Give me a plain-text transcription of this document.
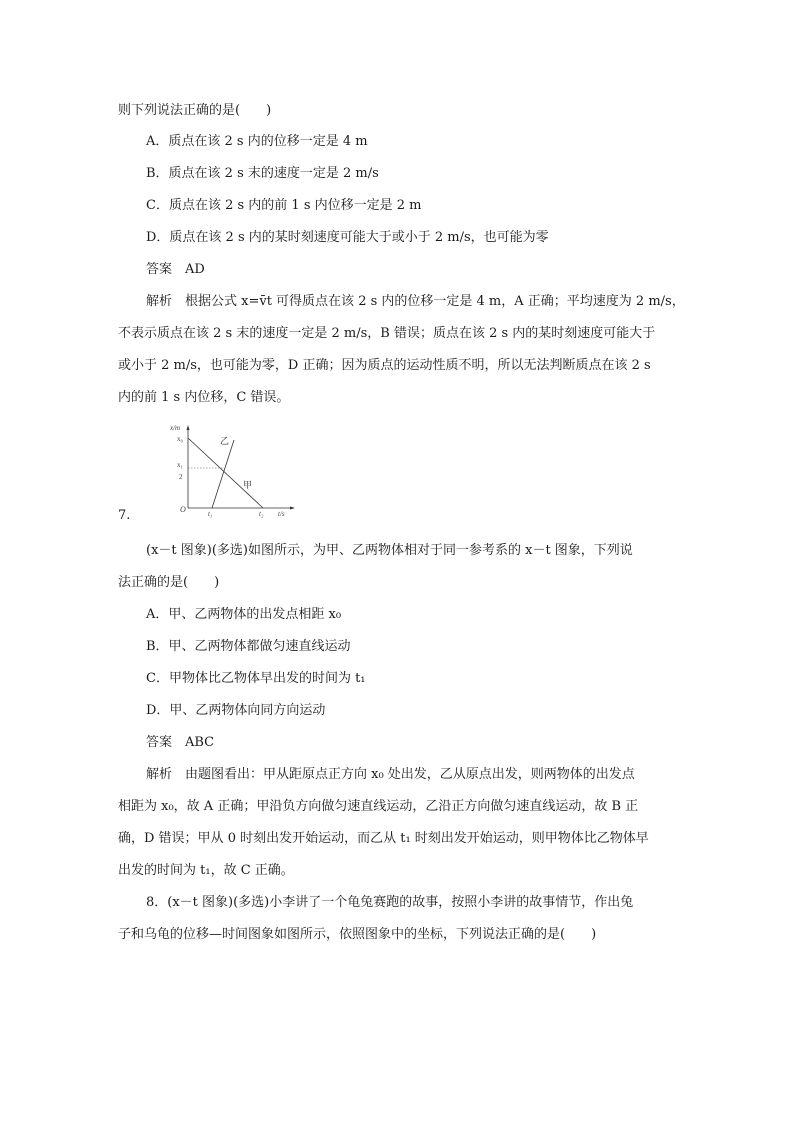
则下列说法正确的是(　　)
A．质点在该 2 s 内的位移一定是 4 m
B．质点在该 2 s 末的速度一定是 2 m/s
C．质点在该 2 s 内的前 1 s 内位移一定是 2 m
D．质点在该 2 s 内的某时刻速度可能大于或小于 2 m/s，也可能为零
答案　AD
解析　根据公式 x=v̄t 可得质点在该 2 s 内的位移一定是 4 m，A 正确；平均速度为 2 m/s，
不表示质点在该 2 s 末的速度一定是 2 m/s，B 错误；质点在该 2 s 内的某时刻速度可能大于
或小于 2 m/s，也可能为零，D 正确；因为质点的运动性质不明，所以无法判断质点在该 2 s
内的前 1 s 内位移，C 错误。
x/m
t/s
O
x₀
x₁
2
t₁	t₂
乙
甲
7.
(x－t 图象)(多选)如图所示，为甲、乙两物体相对于同一参考系的 x－t 图象，下列说
法正确的是(　　)
A．甲、乙两物体的出发点相距 x₀
B．甲、乙两物体都做匀速直线运动
C．甲物体比乙物体早出发的时间为 t₁
D．甲、乙两物体向同方向运动
答案　ABC
解析　由题图看出：甲从距原点正方向 x₀ 处出发，乙从原点出发，则两物体的出发点
相距为 x₀，故 A 正确；甲沿负方向做匀速直线运动，乙沿正方向做匀速直线运动，故 B 正
确，D 错误；甲从 0 时刻出发开始运动，而乙从 t₁ 时刻出发开始运动，则甲物体比乙物体早
出发的时间为 t₁，故 C 正确。
8．(x－t 图象)(多选)小李讲了一个龟兔赛跑的故事，按照小李讲的故事情节，作出兔
子和乌龟的位移—时间图象如图所示，依照图象中的坐标，下列说法正确的是(　　)
